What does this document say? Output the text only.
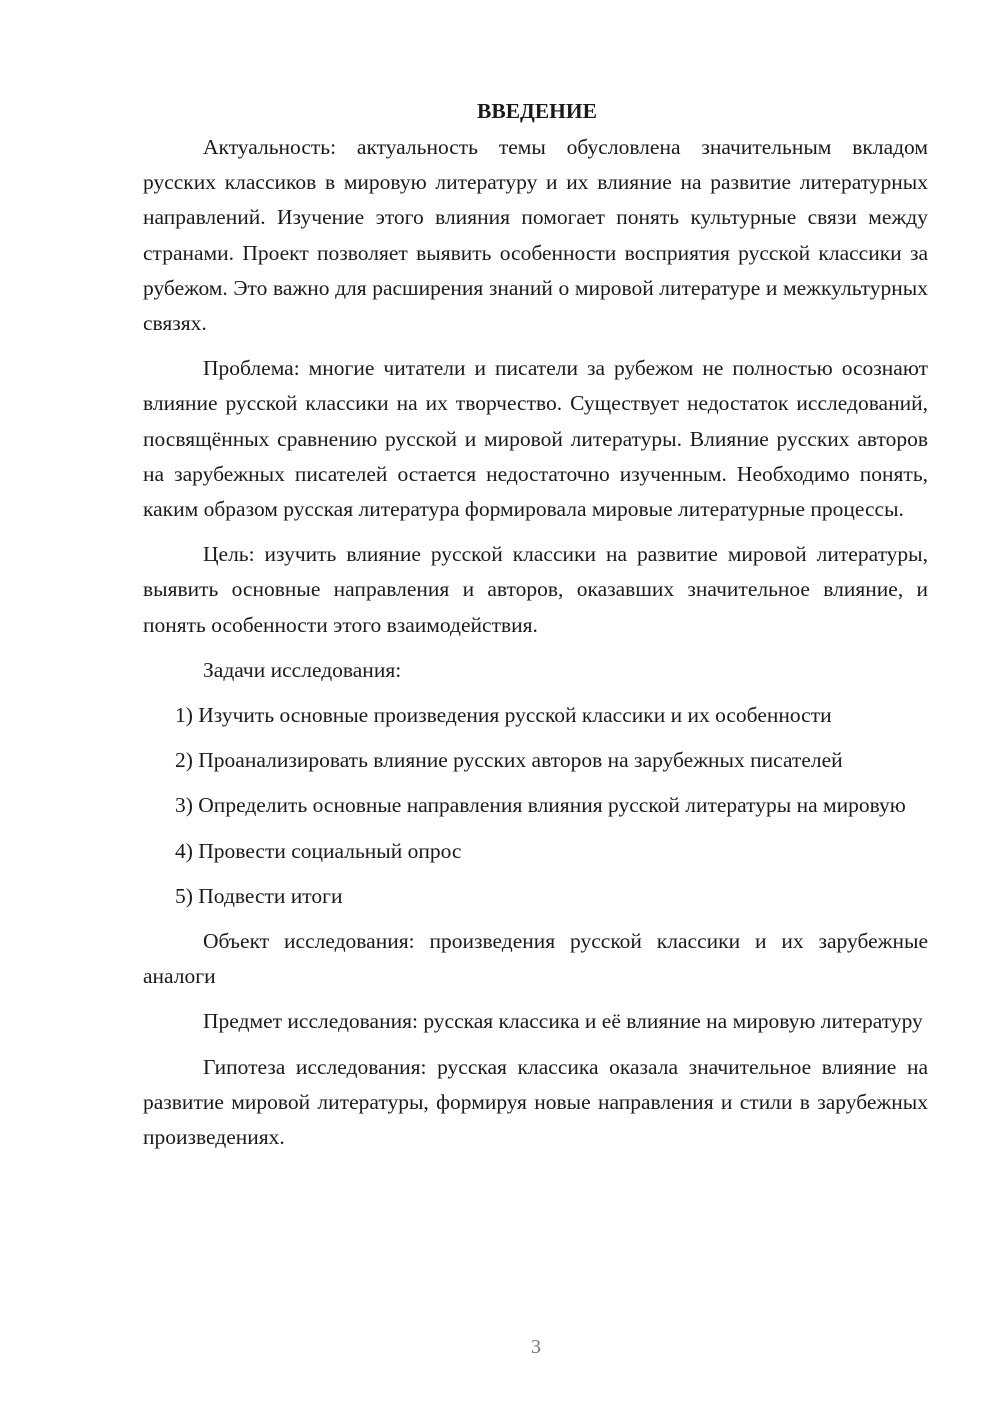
ВВЕДЕНИЕ

Актуальность: актуальность темы обусловлена значительным вкладом русских классиков в мировую литературу и их влияние на развитие литературных направлений. Изучение этого влияния помогает понять культурные связи между странами. Проект позволяет выявить особенности восприятия русской классики за рубежом. Это важно для расширения знаний о мировой литературе и межкультурных связях.

Проблема: многие читатели и писатели за рубежом не полностью осознают влияние русской классики на их творчество. Существует недостаток исследований, посвящённых сравнению русской и мировой литературы. Влияние русских авторов на зарубежных писателей остается недостаточно изученным. Необходимо понять, каким образом русская литература формировала мировые литературные процессы.

Цель: изучить влияние русской классики на развитие мировой литературы, выявить основные направления и авторов, оказавших значительное влияние, и понять особенности этого взаимодействия.

Задачи исследования:

1) Изучить основные произведения русской классики и их особенности

2) Проанализировать влияние русских авторов на зарубежных писателей

3) Определить основные направления влияния русской литературы на мировую

4) Провести социальный опрос

5) Подвести итоги

Объект исследования: произведения русской классики и их зарубежные аналоги

Предмет исследования: русская классика и её влияние на мировую литературу

Гипотеза исследования: русская классика оказала значительное влияние на развитие мировой литературы, формируя новые направления и стили в зарубежных произведениях.

3
